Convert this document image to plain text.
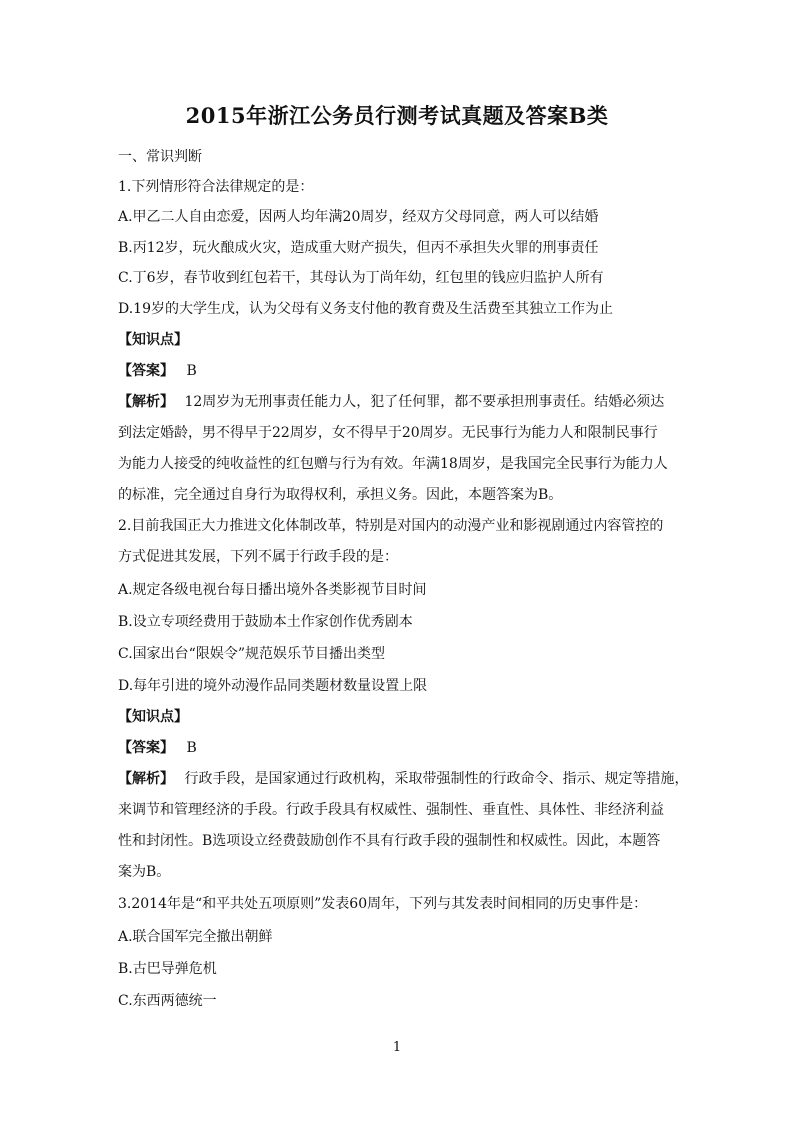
2015年浙江公务员行测考试真题及答案B类
一、常识判断
1.下列情形符合法律规定的是：
A.甲乙二人自由恋爱，因两人均年满20周岁，经双方父母同意，两人可以结婚
B.丙12岁，玩火酿成火灾，造成重大财产损失，但丙不承担失火罪的刑事责任
C.丁6岁，春节收到红包若干，其母认为丁尚年幼，红包里的钱应归监护人所有
D.19岁的大学生戊，认为父母有义务支付他的教育费及生活费至其独立工作为止
【知识点】
【答案】 B
【解析】 12周岁为无刑事责任能力人，犯了任何罪，都不要承担刑事责任。结婚必须达
到法定婚龄，男不得早于22周岁，女不得早于20周岁。无民事行为能力人和限制民事行
为能力人接受的纯收益性的红包赠与行为有效。年满18周岁，是我国完全民事行为能力人
的标准，完全通过自身行为取得权利，承担义务。因此，本题答案为B。
2.目前我国正大力推进文化体制改革，特别是对国内的动漫产业和影视剧通过内容管控的
方式促进其发展，下列不属于行政手段的是：
A.规定各级电视台每日播出境外各类影视节目时间
B.设立专项经费用于鼓励本土作家创作优秀剧本
C.国家出台“限娱令”规范娱乐节目播出类型
D.每年引进的境外动漫作品同类题材数量设置上限
【知识点】
【答案】 B
【解析】 行政手段，是国家通过行政机构，采取带强制性的行政命令、指示、规定等措施，
来调节和管理经济的手段。行政手段具有权威性、强制性、垂直性、具体性、非经济利益
性和封闭性。B选项设立经费鼓励创作不具有行政手段的强制性和权威性。因此，本题答
案为B。
3.2014年是“和平共处五项原则”发表60周年，下列与其发表时间相同的历史事件是：
A.联合国军完全撤出朝鲜
B.古巴导弹危机
C.东西两德统一
1
